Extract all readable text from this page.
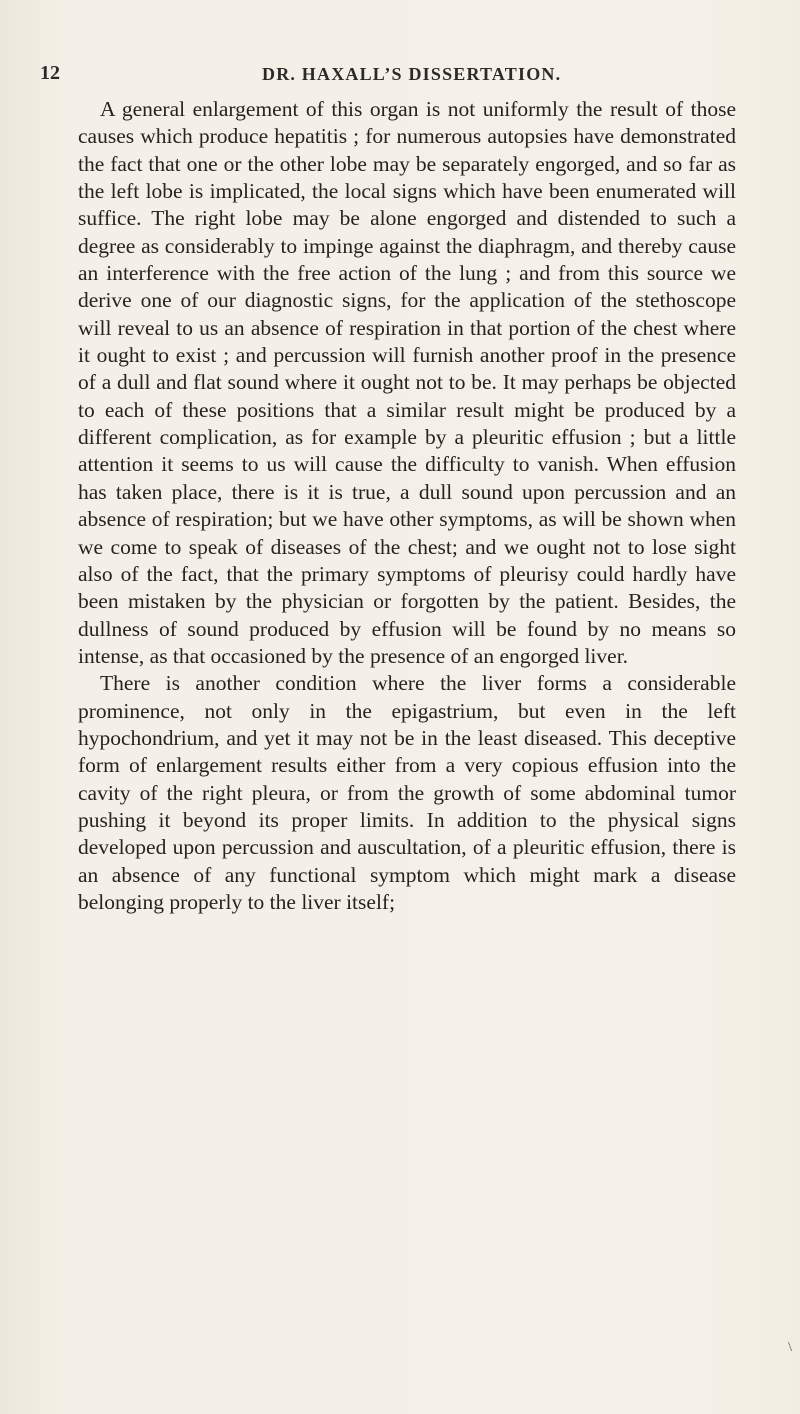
12	DR. HAXALL’S DISSERTATION.

A general enlargement of this organ is not uniformly the result of those causes which produce hepatitis ; for numerous autopsies have demonstrated the fact that one or the other lobe may be separately engorged, and so far as the left lobe is implicated, the local signs which have been enumerated will suffice. The right lobe may be alone engorged and distended to such a degree as considerably to impinge against the diaphragm, and thereby cause an interference with the free action of the lung ; and from this source we derive one of our diagnostic signs, for the application of the stethoscope will reveal to us an absence of respiration in that portion of the chest where it ought to exist ; and percussion will furnish another proof in the presence of a dull and flat sound where it ought not to be. It may perhaps be objected to each of these positions that a similar result might be produced by a different complication, as for example by a pleuritic effusion ; but a little attention it seems to us will cause the difficulty to vanish. When effusion has taken place, there is it is true, a dull sound upon percussion and an absence of respiration; but we have other symptoms, as will be shown when we come to speak of diseases of the chest; and we ought not to lose sight also of the fact, that the primary symptoms of pleurisy could hardly have been mistaken by the physician or forgotten by the patient. Besides, the dullness of sound produced by effusion will be found by no means so intense, as that occasioned by the presence of an engorged liver.

There is another condition where the liver forms a considerable prominence, not only in the epigastrium, but even in the left hypochondrium, and yet it may not be in the least diseased. This deceptive form of enlargement results either from a very copious effusion into the cavity of the right pleura, or from the growth of some abdominal tumor pushing it beyond its proper limits. In addition to the physical signs developed upon percussion and auscultation, of a pleuritic effusion, there is an absence of any functional symptom which might mark a disease belonging properly to the liver itself;

\
